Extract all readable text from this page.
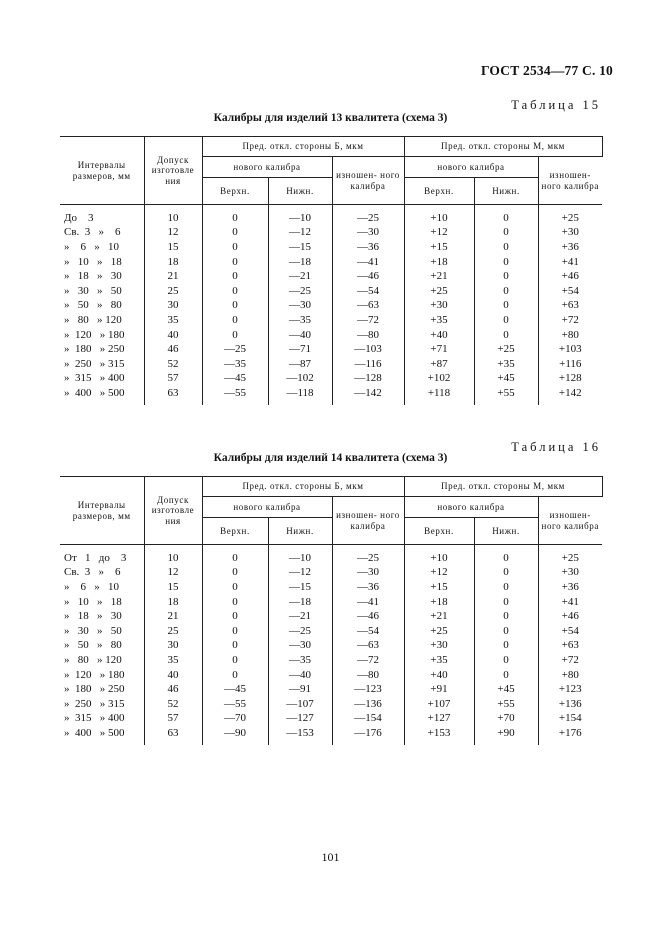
ГОСТ 2534—77 С. 10
Таблица 15
Калибры для изделий 13 квалитета (схема 3)
Интервалы размеров, мм	Допуск изготовле ния	Пред. откл. стороны Б, мкм			Пред. откл. стороны М, мкм		
		нового калибра		изношен- ного калибра	нового калибра		изношен- ного калибра
		Верхн.	Нижн.		Верхн.	Нижн.	
До    3	10	0	—10	—25	+10	0	+25
Св.  3   »    6	12	0	—12	—30	+12	0	+30
»    6   »   10	15	0	—15	—36	+15	0	+36
»   10   »   18	18	0	—18	—41	+18	0	+41
»   18   »   30	21	0	—21	—46	+21	0	+46
»   30   »   50	25	0	—25	—54	+25	0	+54
»   50   »   80	30	0	—30	—63	+30	0	+63
»   80   » 120	35	0	—35	—72	+35	0	+72
»  120   » 180	40	0	—40	—80	+40	0	+80
»  180   » 250	46	—25	—71	—103	+71	+25	+103
»  250   » 315	52	—35	—87	—116	+87	+35	+116
»  315   » 400	57	—45	—102	—128	+102	+45	+128
»  400   » 500	63	—55	—118	—142	+118	+55	+142
Таблица 16
Калибры для изделий 14 квалитета (схема 3)
Интервалы размеров, мм	Допуск изготовле ния	Пред. откл. стороны Б, мкм			Пред. откл. стороны М, мкм		
		нового калибра		изношен- ного калибра	нового калибра		изношен- ного калибра
		Верхн.	Нижн.		Верхн.	Нижн.	
От   1   до    3	10	0	—10	—25	+10	0	+25
Св.  3   »    6	12	0	—12	—30	+12	0	+30
»    6   »   10	15	0	—15	—36	+15	0	+36
»   10   »   18	18	0	—18	—41	+18	0	+41
»   18   »   30	21	0	—21	—46	+21	0	+46
»   30   »   50	25	0	—25	—54	+25	0	+54
»   50   »   80	30	0	—30	—63	+30	0	+63
»   80   » 120	35	0	—35	—72	+35	0	+72
»  120   » 180	40	0	—40	—80	+40	0	+80
»  180   » 250	46	—45	—91	—123	+91	+45	+123
»  250   » 315	52	—55	—107	—136	+107	+55	+136
»  315   » 400	57	—70	—127	—154	+127	+70	+154
»  400   » 500	63	—90	—153	—176	+153	+90	+176
101
